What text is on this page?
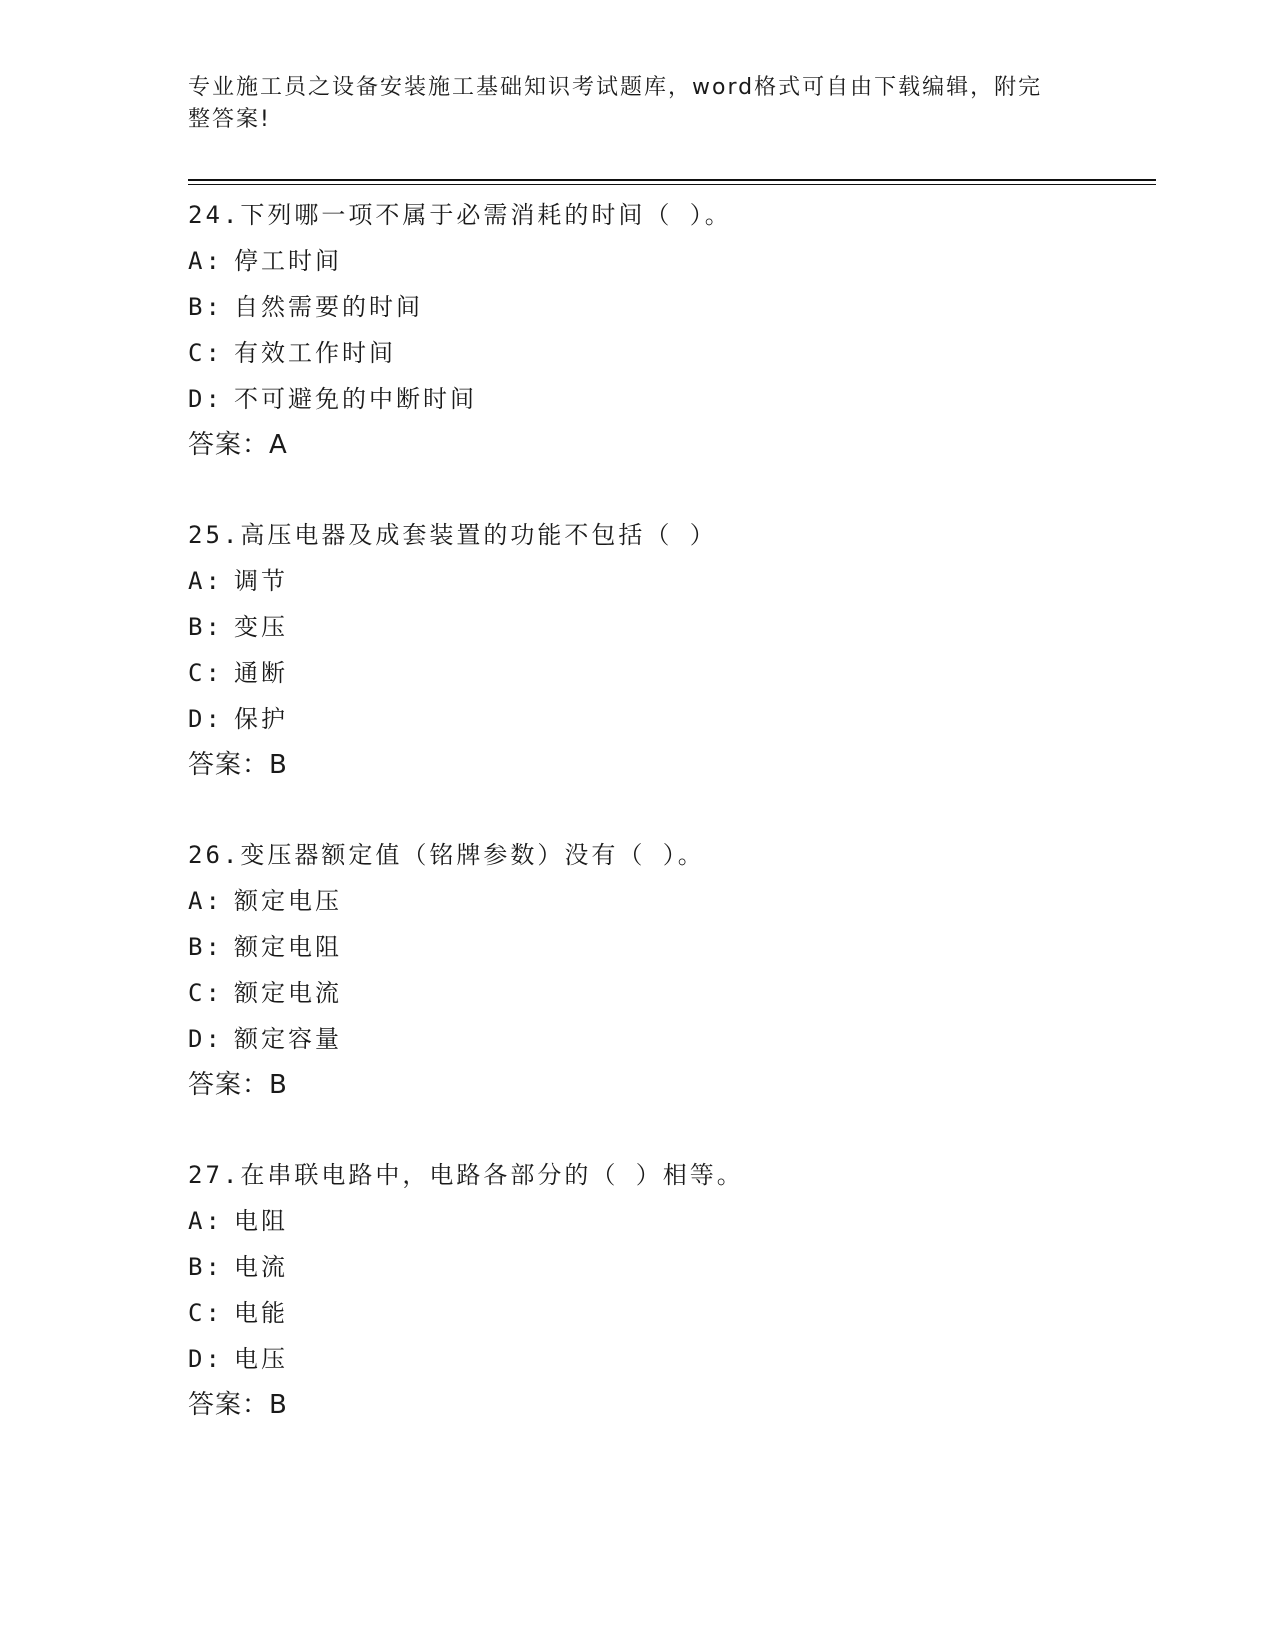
专业施工员之设备安装施工基础知识考试题库，word格式可自由下载编辑，附完
整答案!
24.下列哪一项不属于必需消耗的时间（ ）。
A: 停工时间
B: 自然需要的时间
C: 有效工作时间
D: 不可避免的中断时间
答案：A
25.高压电器及成套装置的功能不包括（ ）
A: 调节
B: 变压
C: 通断
D: 保护
答案：B
26.变压器额定值（铭牌参数）没有（ ）。
A: 额定电压
B: 额定电阻
C: 额定电流
D: 额定容量
答案：B
27.在串联电路中，电路各部分的（ ）相等。
A: 电阻
B: 电流
C: 电能
D: 电压
答案：B
